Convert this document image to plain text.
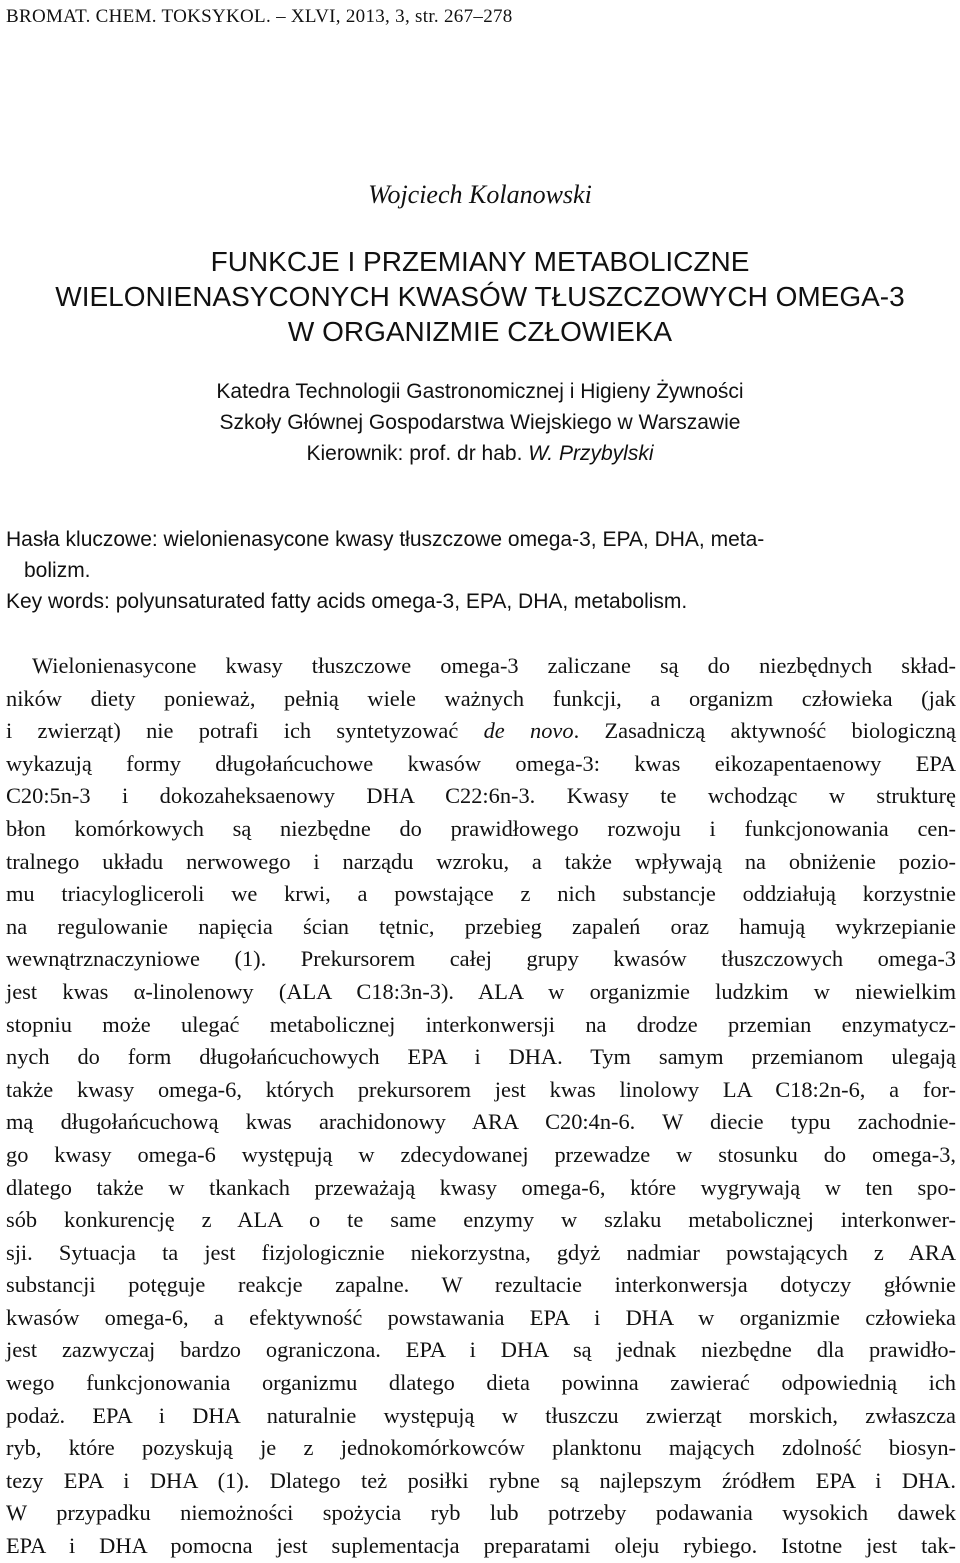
BROMAT. CHEM. TOKSYKOL. – XLVI, 2013, 3, str. 267–278
Wojciech Kolanowski
FUNKCJE I PRZEMIANY METABOLICZNE
WIELONIENASYCONYCH KWASÓW TŁUSZCZOWYCH OMEGA-3
W ORGANIZMIE CZŁOWIEKA
Katedra Technologii Gastronomicznej i Higieny Żywności
Szkoły Głównej Gospodarstwa Wiejskiego w Warszawie
Kierownik: prof. dr hab. W. Przybylski
Hasła kluczowe: wielonienasycone kwasy tłuszczowe omega-3, EPA, DHA, meta-
bolizm.
Key words: polyunsaturated fatty acids omega-3, EPA, DHA, metabolism.
Wielonienasycone kwasy tłuszczowe omega-3 zaliczane są do niezbędnych skład-
ników diety ponieważ, pełnią wiele ważnych funkcji, a organizm człowieka (jak
i zwierząt) nie potrafi ich syntetyzować de novo. Zasadniczą aktywność biologiczną
wykazują formy długołańcuchowe kwasów omega-3: kwas eikozapentaenowy EPA
C20:5n-3 i dokozaheksaenowy DHA C22:6n-3. Kwasy te wchodząc w strukturę
błon komórkowych są niezbędne do prawidłowego rozwoju i funkcjonowania cen-
tralnego układu nerwowego i narządu wzroku, a także wpływają na obniżenie pozio-
mu triacylogliceroli we krwi, a powstające z nich substancje oddziałują korzystnie
na regulowanie napięcia ścian tętnic, przebieg zapaleń oraz hamują wykrzepianie
wewnątrznaczyniowe (1). Prekursorem całej grupy kwasów tłuszczowych omega-3
jest kwas α-linolenowy (ALA C18:3n-3). ALA w organizmie ludzkim w niewielkim
stopniu może ulegać metabolicznej interkonwersji na drodze przemian enzymatycz-
nych do form długołańcuchowych EPA i DHA. Tym samym przemianom ulegają
także kwasy omega-6, których prekursorem jest kwas linolowy LA C18:2n-6, a for-
mą długołańcuchową kwas arachidonowy ARA C20:4n-6. W diecie typu zachodnie-
go kwasy omega-6 występują w zdecydowanej przewadze w stosunku do omega-3,
dlatego także w tkankach przeważają kwasy omega-6, które wygrywają w ten spo-
sób konkurencję z ALA o te same enzymy w szlaku metabolicznej interkonwer-
sji. Sytuacja ta jest fizjologicznie niekorzystna, gdyż nadmiar powstających z ARA
substancji potęguje reakcje zapalne. W rezultacie interkonwersja dotyczy głównie
kwasów omega-6, a efektywność powstawania EPA i DHA w organizmie człowieka
jest zazwyczaj bardzo ograniczona. EPA i DHA są jednak niezbędne dla prawidło-
wego funkcjonowania organizmu dlatego dieta powinna zawierać odpowiednią ich
podaż. EPA i DHA naturalnie występują w tłuszczu zwierząt morskich, zwłaszcza
ryb, które pozyskują je z jednokomórkowców planktonu mających zdolność biosyn-
tezy EPA i DHA (1). Dlatego też posiłki rybne są najlepszym źródłem EPA i DHA.
W przypadku niemożności spożycia ryb lub potrzeby podawania wysokich dawek
EPA i DHA pomocna jest suplementacja preparatami oleju rybiego. Istotne jest tak-
